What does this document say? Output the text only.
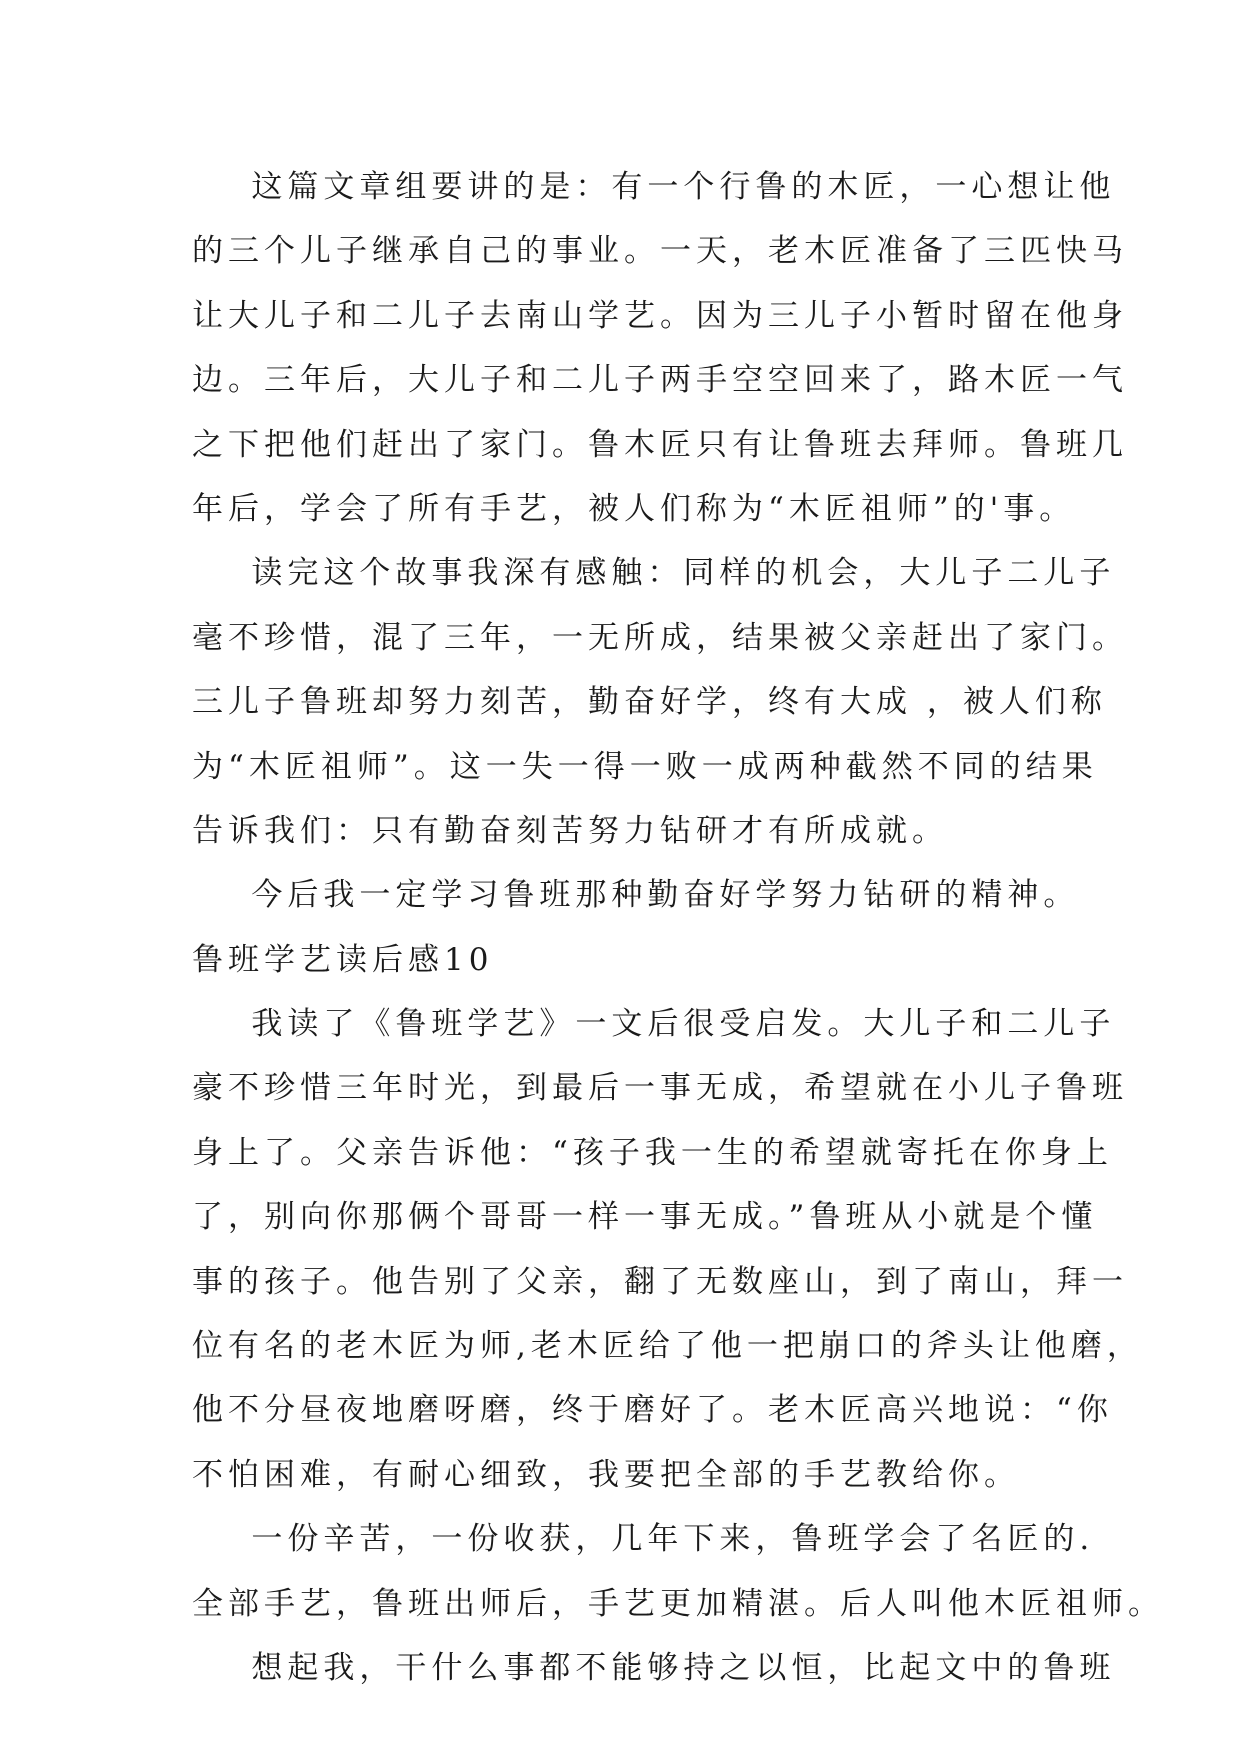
这篇文章组要讲的是：有一个行鲁的木匠，一心想让他
的三个儿子继承自己的事业。一天，老木匠准备了三匹快马
让大儿子和二儿子去南山学艺。因为三儿子小暂时留在他身
边。三年后，大儿子和二儿子两手空空回来了，路木匠一气
之下把他们赶出了家门。鲁木匠只有让鲁班去拜师。鲁班几
年后，学会了所有手艺，被人们称为“木匠祖师”的'事。
读完这个故事我深有感触：同样的机会，大儿子二儿子
毫不珍惜，混了三年，一无所成，结果被父亲赶出了家门。
三儿子鲁班却努力刻苦，勤奋好学，终有大成 ，被人们称
为“木匠祖师”。这一失一得一败一成两种截然不同的结果
告诉我们：只有勤奋刻苦努力钻研才有所成就。
今后我一定学习鲁班那种勤奋好学努力钻研的精神。
鲁班学艺读后感10
我读了《鲁班学艺》一文后很受启发。大儿子和二儿子
豪不珍惜三年时光，到最后一事无成，希望就在小儿子鲁班
身上了。父亲告诉他：“孩子我一生的希望就寄托在你身上
了，别向你那俩个哥哥一样一事无成。”鲁班从小就是个懂
事的孩子。他告别了父亲，翻了无数座山，到了南山，拜一
位有名的老木匠为师,老木匠给了他一把崩口的斧头让他磨，
他不分昼夜地磨呀磨，终于磨好了。老木匠高兴地说：“你
不怕困难，有耐心细致，我要把全部的手艺教给你。
一份辛苦，一份收获，几年下来，鲁班学会了名匠的.
全部手艺，鲁班出师后，手艺更加精湛。后人叫他木匠祖师。
想起我，干什么事都不能够持之以恒，比起文中的鲁班
